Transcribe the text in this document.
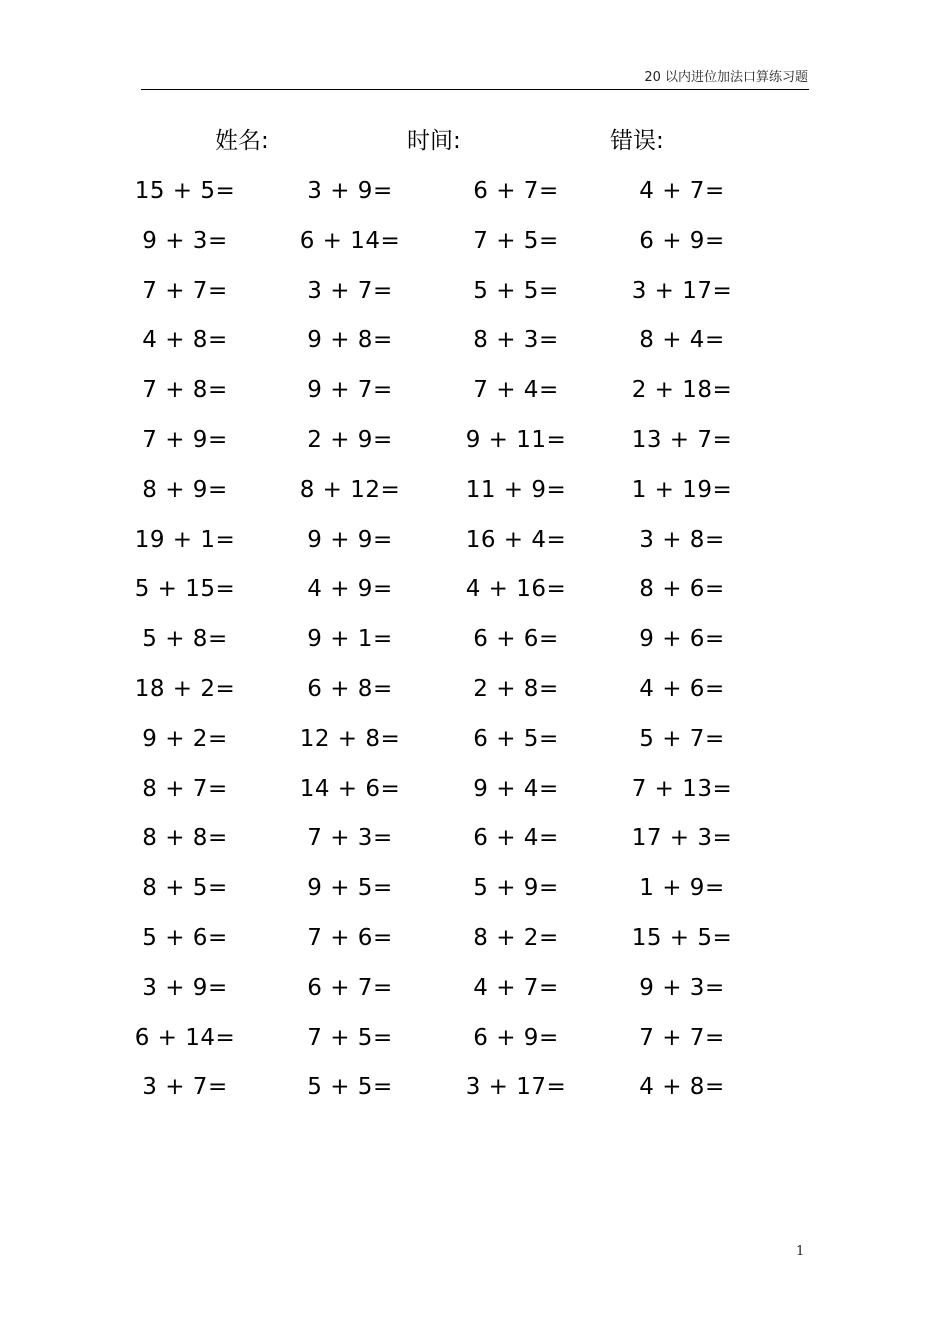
20 以内进位加法口算练习题
姓名:	时间:	错误:
15 + 5=	3 + 9=	6 + 7=	4 + 7=
9 + 3=	6 + 14=	7 + 5=	6 + 9=
7 + 7=	3 + 7=	5 + 5=	3 + 17=
4 + 8=	9 + 8=	8 + 3=	8 + 4=
7 + 8=	9 + 7=	7 + 4=	2 + 18=
7 + 9=	2 + 9=	9 + 11=	13 + 7=
8 + 9=	8 + 12=	11 + 9=	1 + 19=
19 + 1=	9 + 9=	16 + 4=	3 + 8=
5 + 15=	4 + 9=	4 + 16=	8 + 6=
5 + 8=	9 + 1=	6 + 6=	9 + 6=
18 + 2=	6 + 8=	2 + 8=	4 + 6=
9 + 2=	12 + 8=	6 + 5=	5 + 7=
8 + 7=	14 + 6=	9 + 4=	7 + 13=
8 + 8=	7 + 3=	6 + 4=	17 + 3=
8 + 5=	9 + 5=	5 + 9=	1 + 9=
5 + 6=	7 + 6=	8 + 2=	15 + 5=
3 + 9=	6 + 7=	4 + 7=	9 + 3=
6 + 14=	7 + 5=	6 + 9=	7 + 7=
3 + 7=	5 + 5=	3 + 17=	4 + 8=
1
